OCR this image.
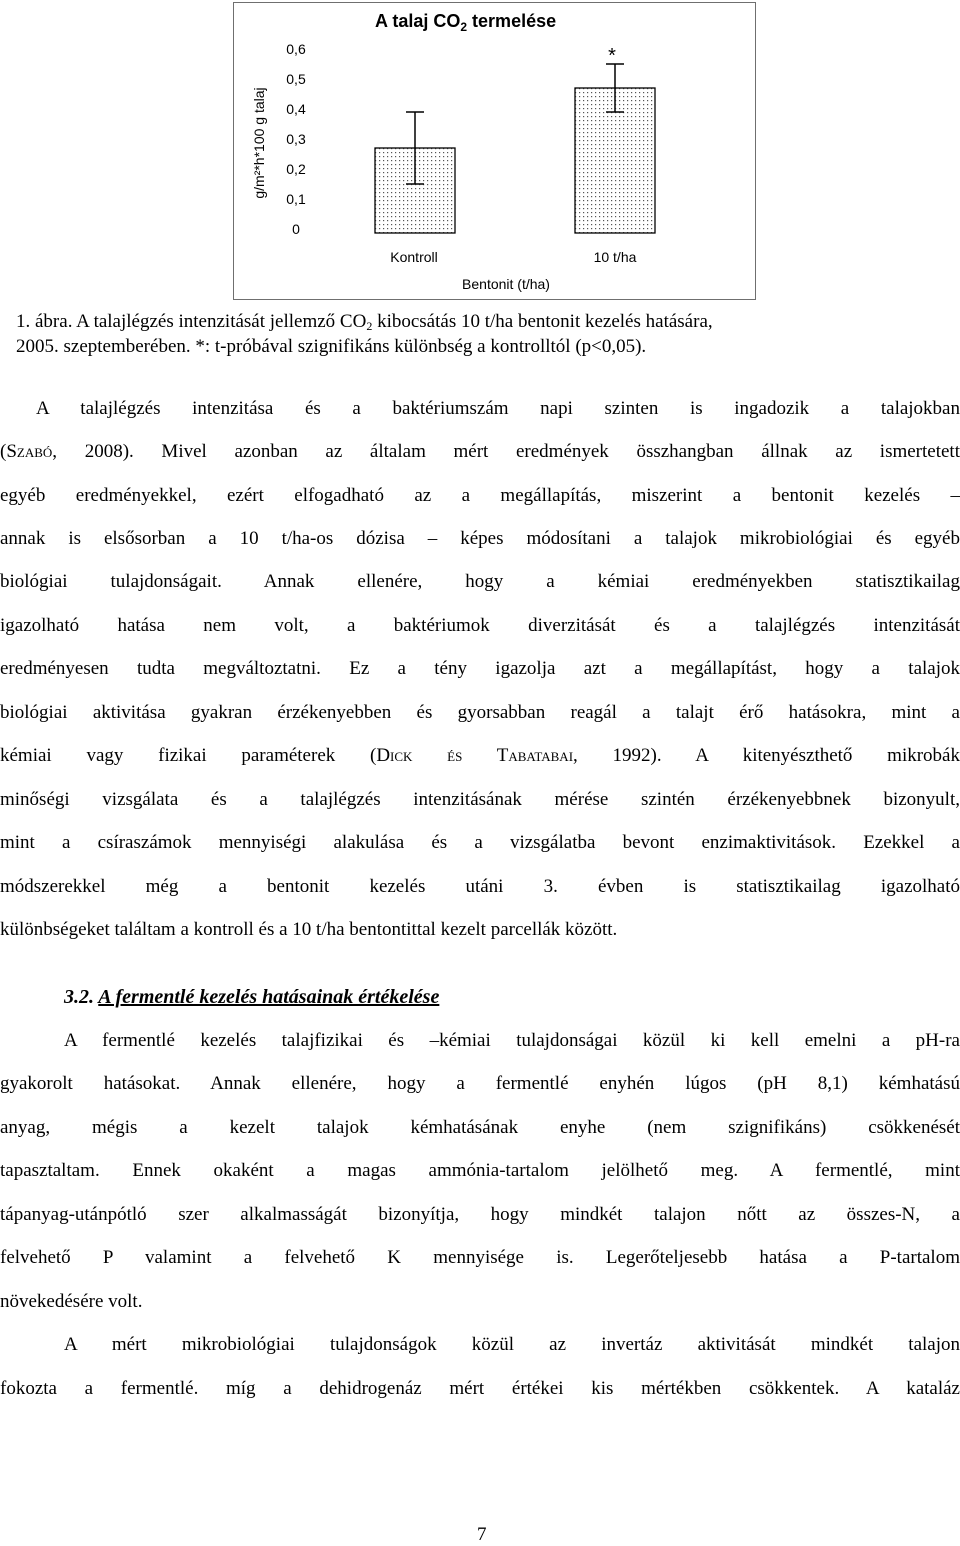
A talaj $CO_2$ termelése
g/m²*h*100 g talaj
0,6
0,5
0,4
0,3
0,2
0,1
0
*
Kontroll	10 t/ha
Bentonit (t/ha)
1. ábra. A talajlégzés intenzitását jellemző $CO_2$ kibocsátás 10 t/ha bentonit kezelés hatására,
2005. szeptemberében. *: t-próbával szignifikáns különbség a kontrolltól (p<0,05).
A talajlégzés intenzitása és a baktériumszám napi szinten is ingadozik a talajokban
(Szabó, 2008). Mivel azonban az általam mért eredmények összhangban állnak az ismertetett
egyéb eredményekkel, ezért elfogadható az a megállapítás, miszerint a bentonit kezelés –
annak is elsősorban a 10 t/ha-os dózisa – képes módosítani a talajok mikrobiológiai és egyéb
biológiai tulajdonságait. Annak ellenére, hogy a kémiai eredményekben statisztikailag
igazolható hatása nem volt, a baktériumok diverzitását és a talajlégzés intenzitását
eredményesen tudta megváltoztatni. Ez a tény igazolja azt a megállapítást, hogy a talajok
biológiai aktivitása gyakran érzékenyebben és gyorsabban reagál a talajt érő hatásokra, mint a
kémiai vagy fizikai paraméterek (Dick és Tabatabai, 1992). A kitenyészthető mikrobák
minőségi vizsgálata és a talajlégzés intenzitásának mérése szintén érzékenyebbnek bizonyult,
mint a csíraszámok mennyiségi alakulása és a vizsgálatba bevont enzimaktivitások. Ezekkel a
módszerekkel még a bentonit kezelés utáni 3. évben is statisztikailag igazolható
különbségeket találtam a kontroll és a 10 t/ha bentontittal kezelt parcellák között.
3.2. A fermentlé kezelés hatásainak értékelése
A fermentlé kezelés talajfizikai és –kémiai tulajdonságai közül ki kell emelni a pH-ra
gyakorolt hatásokat. Annak ellenére, hogy a fermentlé enyhén lúgos (pH 8,1) kémhatású
anyag, mégis a kezelt talajok kémhatásának enyhe (nem szignifikáns) csökkenését
tapasztaltam. Ennek okaként a magas ammónia-tartalom jelölhető meg. A fermentlé, mint
tápanyag-utánpótló szer alkalmasságát bizonyítja, hogy mindkét talajon nőtt az összes-N, a
felvehető P valamint a felvehető K mennyisége is. Legerőteljesebb hatása a P-tartalom
növekedésére volt.
A mért mikrobiológiai tulajdonságok közül az invertáz aktivitását mindkét talajon
fokozta a fermentlé. míg a dehidrogenáz mért értékei kis mértékben csökkentek. A kataláz
7
